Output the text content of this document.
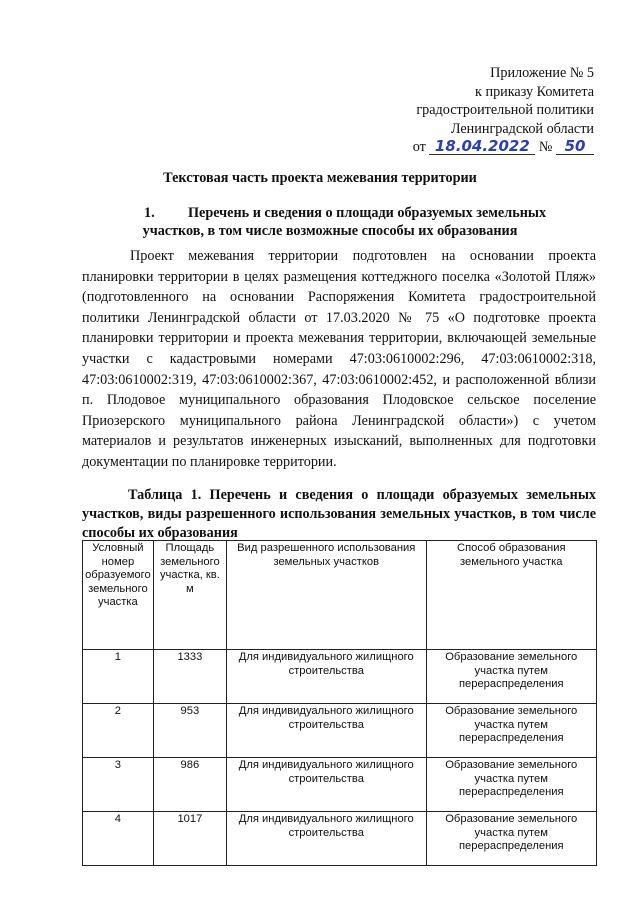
Приложение № 5
к приказу Комитета
градостроительной политики
Ленинградской области
от 18.04.2022 № 50
Текстовая часть проекта межевания территории
1. Перечень и сведения о площади образуемых земельных
участков, в том числе возможные способы их образования
Проект межевания территории подготовлен на основании проекта планировки территории в целях размещения коттеджного поселка «Золотой Пляж» (подготовленного на основании Распоряжения Комитета градостроительной политики Ленинградской области от 17.03.2020 № 75 «О подготовке проекта планировки территории и проекта межевания территории, включающей земельные участки с кадастровыми номерами 47:03:0610002:296, 47:03:0610002:318, 47:03:0610002:319, 47:03:0610002:367, 47:03:0610002:452, и расположенной вблизи п. Плодовое муниципального образования Плодовское сельское поселение Приозерского муниципального района Ленинградской области») с учетом материалов и результатов инженерных изысканий, выполненных для подготовки документации по планировке территории.
Таблица 1. Перечень и сведения о площади образуемых земельных участков, виды разрешенного использования земельных участков, в том числе способы их образования
Условный номер образуемого земельного участка	Площадь земельного участка, кв. м	Вид разрешенного использования земельных участков	Способ образования земельного участка
1	1333	Для индивидуального жилищного строительства	Образование земельного участка путем перераспределения
2	953	Для индивидуального жилищного строительства	Образование земельного участка путем перераспределения
3	986	Для индивидуального жилищного строительства	Образование земельного участка путем перераспределения
4	1017	Для индивидуального жилищного строительства	Образование земельного участка путем перераспределения
